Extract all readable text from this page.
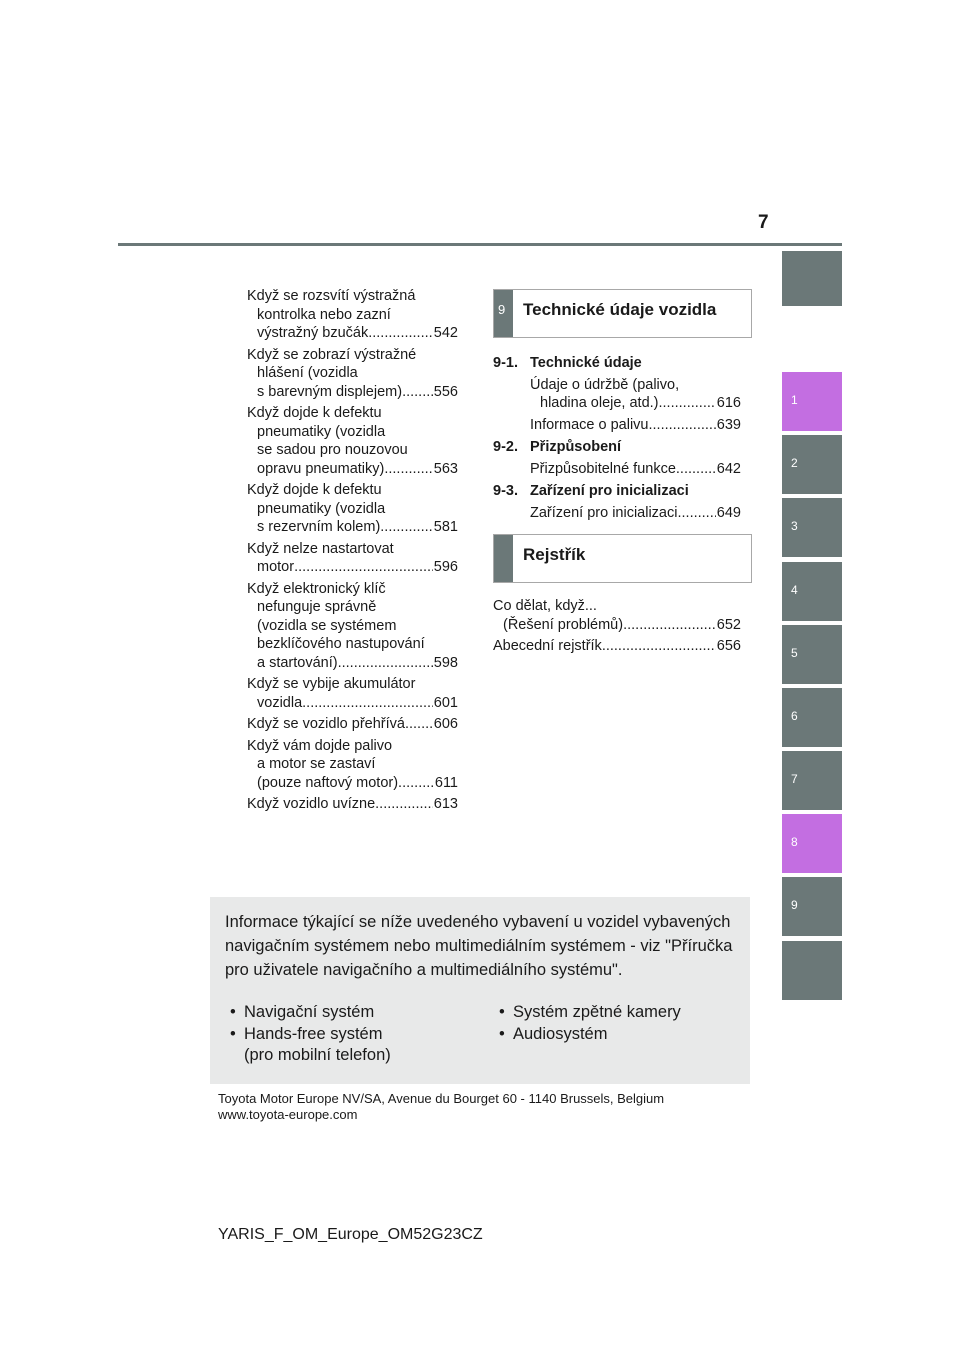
7
1
2
3
4
5
6
7
8
9
Když se rozsvítí výstražná
kontrolka nebo zazní
výstražný bzučák .....	542
Když se zobrazí výstražné
hlášení (vozidla
s barevným displejem) ..... 556
Když dojde k defektu
pneumatiky (vozidla
se sadou pro nouzovou
opravu pneumatiky) .....	563
Když dojde k defektu
pneumatiky (vozidla
s rezervním kolem) .....	581
Když nelze nastartovat
motor .....	596
Když elektronický klíč
nefunguje správně
(vozidla se systémem
bezklíčového nastupování
a startování) .....	598
Když se vybije akumulátor
vozidla .....	601
Když se vozidlo přehřívá ..... 606
Když vám dojde palivo
a motor se zastaví
(pouze naftový motor) .....	611
Když vozidlo uvízne .....	613
9 Technické údaje vozidla
9-1. Technické údaje
Údaje o údržbě (palivo,
hladina oleje, atd.) .....	616
Informace o palivu .....	639
9-2. Přizpůsobení
Přizpůsobitelné funkce .....	642
9-3. Zařízení pro inicializaci
Zařízení pro inicializaci .....	649
Rejstřík
Co dělat, když...
(Řešení problémů) .....	652
Abecední rejstřík .....	656
Informace týkající se níže uvedeného vybavení u vozidel vybavených
navigačním systémem nebo multimediálním systémem - viz "Příručka
pro uživatele navigačního a multimediálního systému".
• Navigační systém
• Hands-free systém
(pro mobilní telefon)
• Systém zpětné kamery
• Audiosystém
Toyota Motor Europe NV/SA, Avenue du Bourget 60 - 1140 Brussels, Belgium
www.toyota-europe.com
YARIS_F_OM_Europe_OM52G23CZ
